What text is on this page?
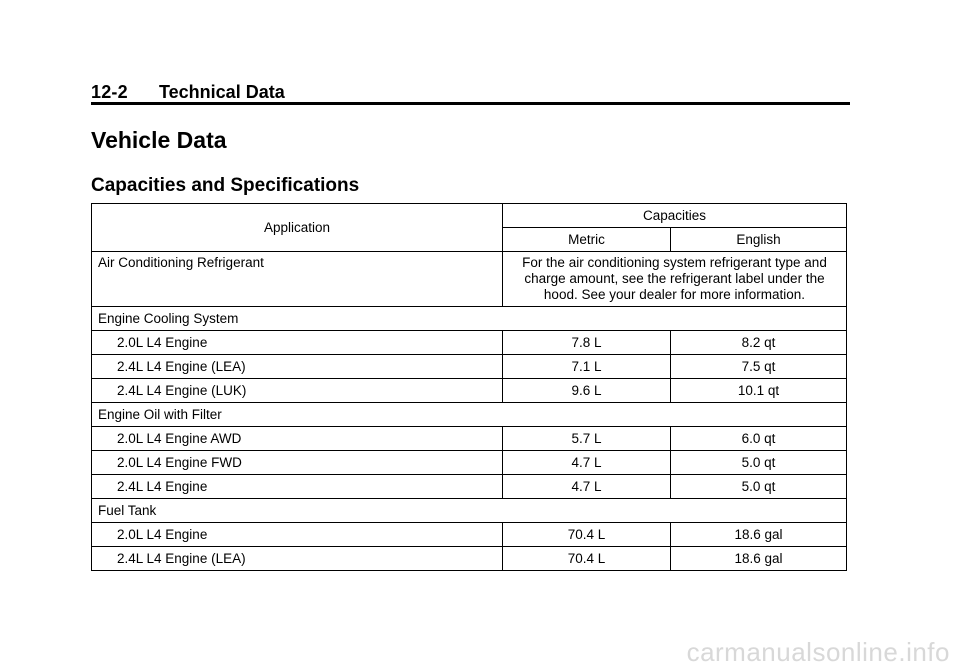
12-2 Technical Data
Vehicle Data
Capacities and Specifications
Application	Capacities	
	Metric	English
Air Conditioning Refrigerant	For the air conditioning system refrigerant type and charge amount, see the refrigerant label under the hood. See your dealer for more information.	
Engine Cooling System		
2.0L L4 Engine	7.8 L	8.2 qt
2.4L L4 Engine (LEA)	7.1 L	7.5 qt
2.4L L4 Engine (LUK)	9.6 L	10.1 qt
Engine Oil with Filter		
2.0L L4 Engine AWD	5.7 L	6.0 qt
2.0L L4 Engine FWD	4.7 L	5.0 qt
2.4L L4 Engine	4.7 L	5.0 qt
Fuel Tank		
2.0L L4 Engine	70.4 L	18.6 gal
2.4L L4 Engine (LEA)	70.4 L	18.6 gal
carmanualsonline.info
